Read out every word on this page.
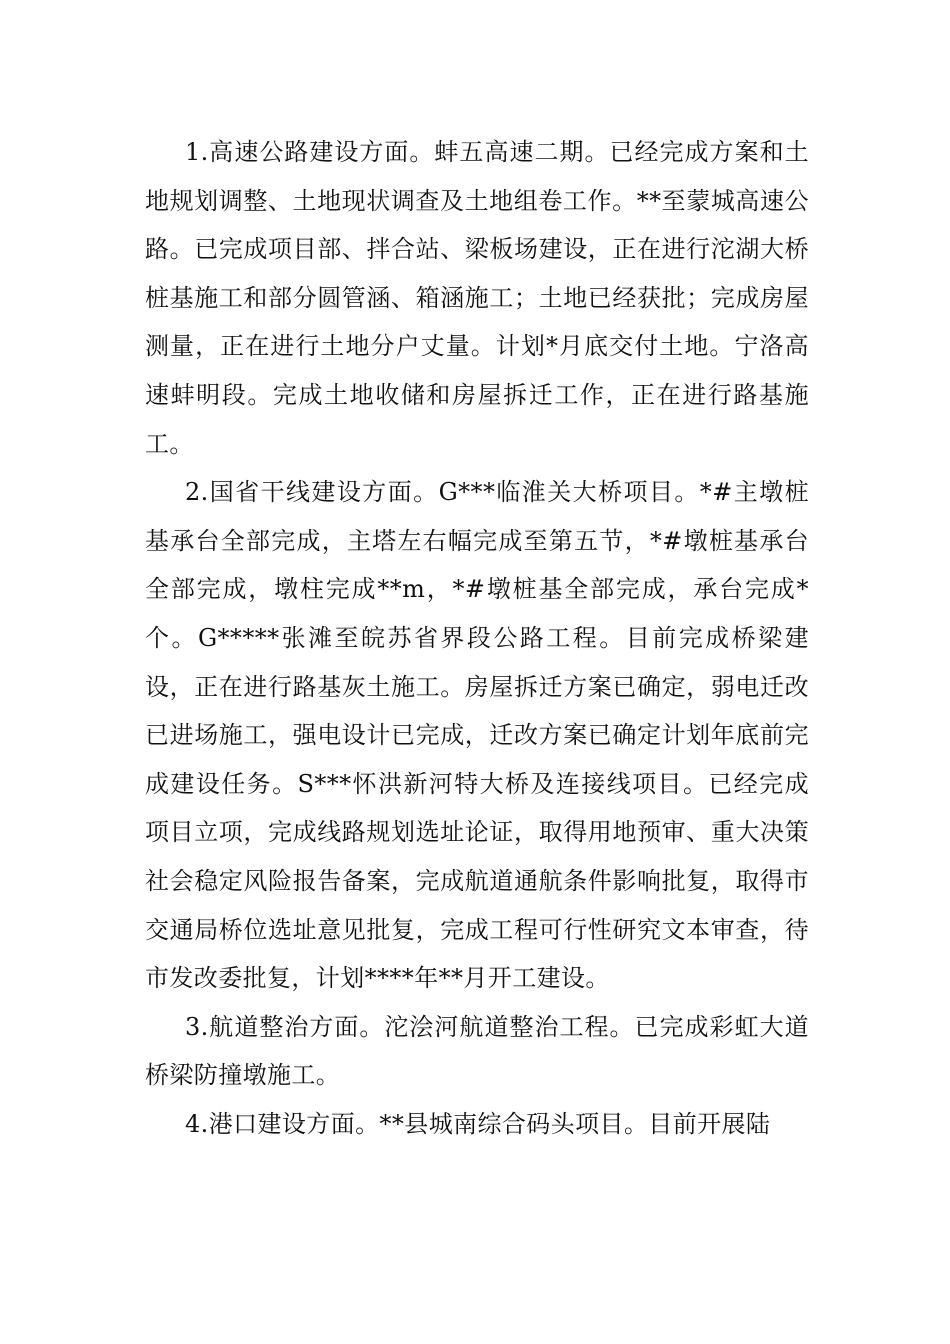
1.高速公路建设方面。蚌五高速二期。已经完成方案和土地规划调整、土地现状调查及土地组卷工作。**至蒙城高速公路。已完成项目部、拌合站、梁板场建设，正在进行沱湖大桥桩基施工和部分圆管涵、箱涵施工；土地已经获批；完成房屋测量，正在进行土地分户丈量。计划*月底交付土地。宁洛高速蚌明段。完成土地收储和房屋拆迁工作，正在进行路基施工。

2.国省干线建设方面。G***临淮关大桥项目。*#主墩桩基承台全部完成，主塔左右幅完成至第五节，*#墩桩基承台全部完成，墩柱完成**m，*#墩桩基全部完成，承台完成*个。G*****张滩至皖苏省界段公路工程。目前完成桥梁建设，正在进行路基灰土施工。房屋拆迁方案已确定，弱电迁改已进场施工，强电设计已完成，迁改方案已确定计划年底前完成建设任务。S***怀洪新河特大桥及连接线项目。已经完成项目立项，完成线路规划选址论证，取得用地预审、重大决策社会稳定风险报告备案，完成航道通航条件影响批复，取得市交通局桥位选址意见批复，完成工程可行性研究文本审查，待市发改委批复，计划****年**月开工建设。

3.航道整治方面。沱浍河航道整治工程。已完成彩虹大道桥梁防撞墩施工。

4.港口建设方面。**县城南综合码头项目。目前开展陆
